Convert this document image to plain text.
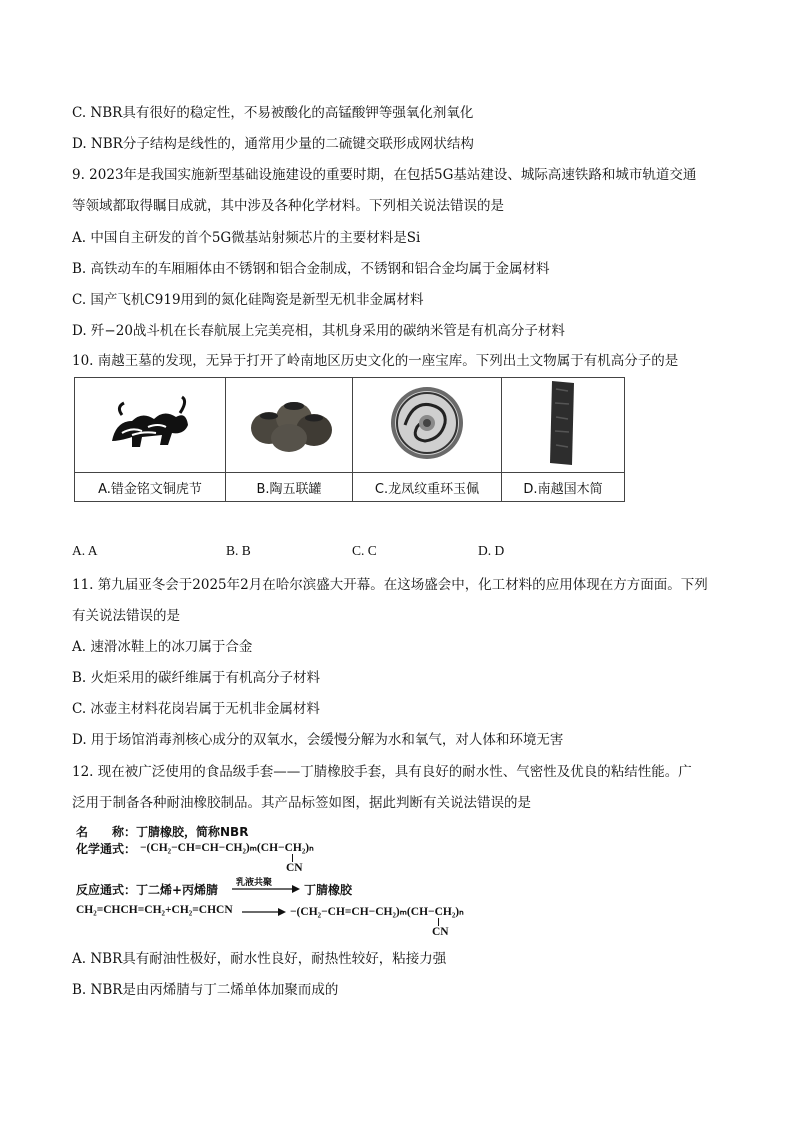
C. NBR具有很好的稳定性，不易被酸化的高锰酸钾等强氧化剂氧化
D. NBR分子结构是线性的，通常用少量的二硫键交联形成网状结构
9. 2023年是我国实施新型基础设施建设的重要时期，在包括5G基站建设、城际高速铁路和城市轨道交通
等领域都取得瞩目成就，其中涉及各种化学材料。下列相关说法错误的是
A. 中国自主研发的首个5G微基站射频芯片的主要材料是Si
B. 高铁动车的车厢厢体由不锈钢和铝合金制成，不锈钢和铝合金均属于金属材料
C. 国产飞机C919用到的氮化硅陶瓷是新型无机非金属材料
D. 歼−20战斗机在长春航展上完美亮相，其机身采用的碳纳米管是有机高分子材料
10. 南越王墓的发现，无异于打开了岭南地区历史文化的一座宝库。下列出土文物属于有机高分子的是

A.错金铭文铜虎节	B.陶五联罐	C.龙凤纹重环玉佩	D.南越国木简
A. A	B. B	C. C	D. D
11. 第九届亚冬会于2025年2月在哈尔滨盛大开幕。在这场盛会中，化工材料的应用体现在方方面面。下列
有关说法错误的是
A. 速滑冰鞋上的冰刀属于合金
B. 火炬采用的碳纤维属于有机高分子材料
C. 冰壶主材料花岗岩属于无机非金属材料
D. 用于场馆消毒剂核心成分的双氧水，会缓慢分解为水和氧气，对人体和环境无害
12. 现在被广泛使用的食品级手套——丁腈橡胶手套，具有良好的耐水性、气密性及优良的粘结性能。广
泛用于制备各种耐油橡胶制品。其产品标签如图，据此判断有关说法错误的是
名　　称：丁腈橡胶，简称NBR
化学通式： −(CH₂−CH=CH−CH₂)ₘ(CH−CH₂)ₙ
CN
反应通式：丁二烯+丙烯腈 乳液共聚	丁腈橡胶
CH₂=CHCH=CH₂+CH₂=CHCN	−(CH₂−CH=CH−CH₂)ₘ(CH−CH₂)ₙ
CN
A. NBR具有耐油性极好，耐水性良好，耐热性较好，粘接力强
B. NBR是由丙烯腈与丁二烯单体加聚而成的
